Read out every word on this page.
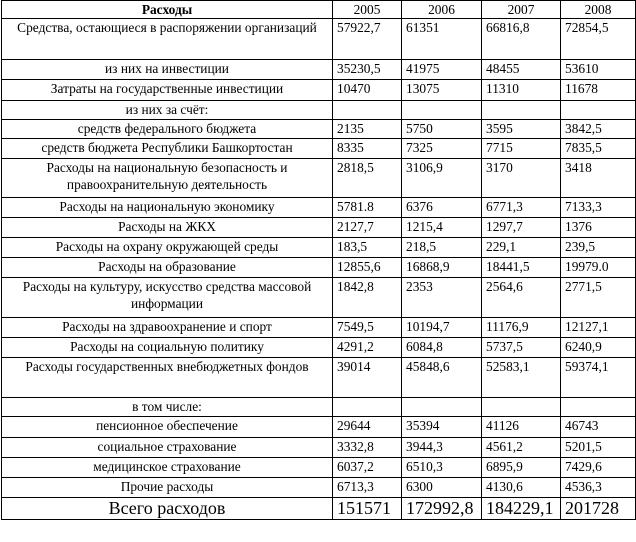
Расходы	2005	2006	2007	2008
Средства, остающиеся в распоряжении организаций	57922,7	61351	66816,8	72854,5
из них на инвестиции	35230,5	41975	48455	53610
Затраты на государственные инвестиции	10470	13075	11310	11678
из них за счёт:				
средств федерального бюджета	2135	5750	3595	3842,5
средств бюджета Республики Башкортостан	8335	7325	7715	7835,5
Расходы на национальную безопасность и правоохранительную деятельность	2818,5	3106,9	3170	3418
Расходы на национальную экономику	5781.8	6376	6771,3	7133,3
Расходы на ЖКХ	2127,7	1215,4	1297,7	1376
Расходы на охрану окружающей среды	183,5	218,5	229,1	239,5
Расходы на образование	12855,6	16868,9	18441,5	19979.0
Расходы на культуру, искусство средства массовой информации	1842,8	2353	2564,6	2771,5
Расходы на здравоохранение и спорт	7549,5	10194,7	11176,9	12127,1
Расходы на социальную политику	4291,2	6084,8	5737,5	6240,9
Расходы государственных внебюджетных фондов	39014	45848,6	52583,1	59374,1
в том числе:				
пенсионное обеспечение	29644	35394	41126	46743
социальное страхование	3332,8	3944,3	4561,2	5201,5
медицинское страхование	6037,2	6510,3	6895,9	7429,6
Прочие расходы	6713,3	6300	4130,6	4536,3
Всего расходов	151571	172992,8	184229,1	201728
